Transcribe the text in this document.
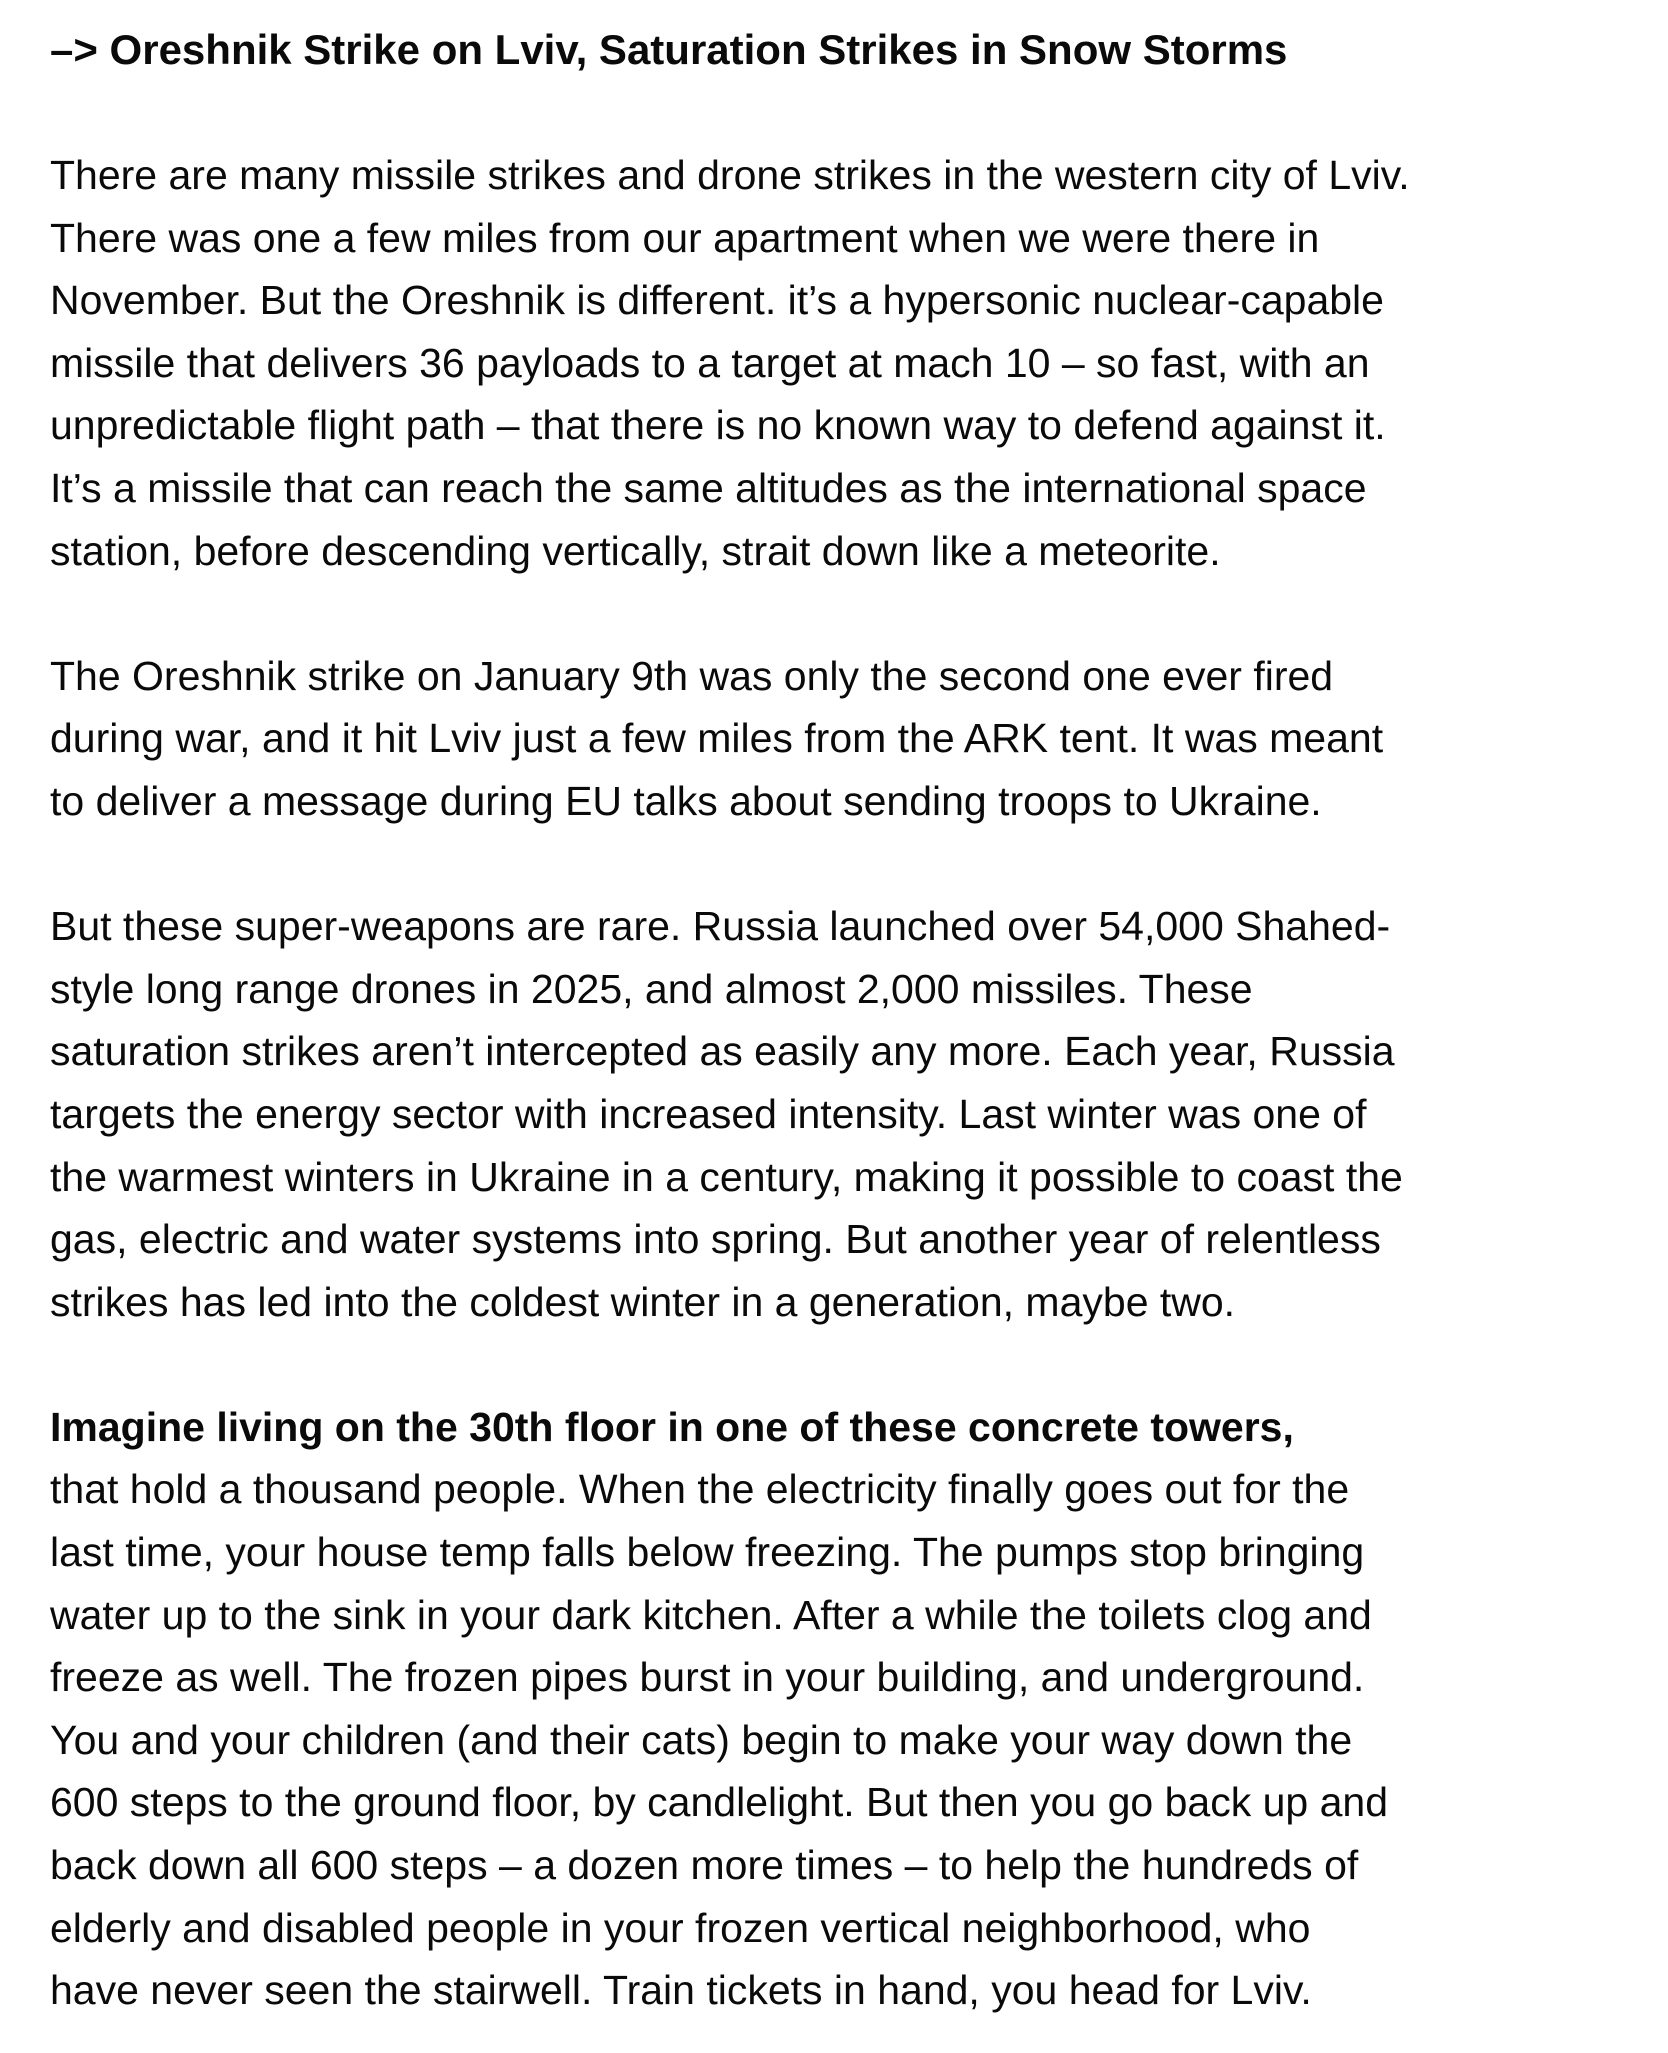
–> Oreshnik Strike on Lviv, Saturation Strikes in Snow Storms
There are many missile strikes and drone strikes in the western city of Lviv.
There was one a few miles from our apartment when we were there in
November. But the Oreshnik is different. it’s a hypersonic nuclear-capable
missile that delivers 36 payloads to a target at mach 10 – so fast, with an
unpredictable flight path – that there is no known way to defend against it.
It’s a missile that can reach the same altitudes as the international space
station, before descending vertically, strait down like a meteorite.
The Oreshnik strike on January 9th was only the second one ever fired
during war, and it hit Lviv just a few miles from the ARK tent. It was meant
to deliver a message during EU talks about sending troops to Ukraine.
But these super-weapons are rare. Russia launched over 54,000 Shahed-
style long range drones in 2025, and almost 2,000 missiles. These
saturation strikes aren’t intercepted as easily any more. Each year, Russia
targets the energy sector with increased intensity. Last winter was one of
the warmest winters in Ukraine in a century, making it possible to coast the
gas, electric and water systems into spring. But another year of relentless
strikes has led into the coldest winter in a generation, maybe two.
Imagine living on the 30th floor in one of these concrete towers,
that hold a thousand people. When the electricity finally goes out for the
last time, your house temp falls below freezing. The pumps stop bringing
water up to the sink in your dark kitchen. After a while the toilets clog and
freeze as well. The frozen pipes burst in your building, and underground.
You and your children (and their cats) begin to make your way down the
600 steps to the ground floor, by candlelight. But then you go back up and
back down all 600 steps – a dozen more times – to help the hundreds of
elderly and disabled people in your frozen vertical neighborhood, who
have never seen the stairwell. Train tickets in hand, you head for Lviv.
